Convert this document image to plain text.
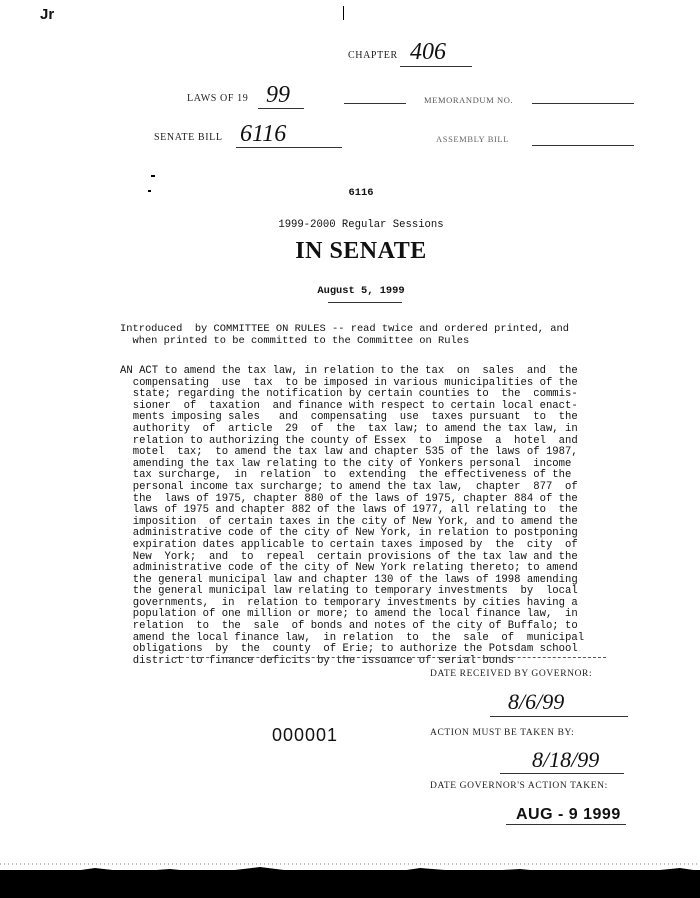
Jr
CHAPTER 406
LAWS OF 19 99	MEMORANDUM NO.
SENATE BILL 6116	ASSEMBLY BILL
6116
1999-2000 Regular Sessions
IN SENATE
August 5, 1999
Introduced  by COMMITTEE ON RULES -- read twice and ordered printed, and
when printed to be committed to the Committee on Rules
AN ACT to amend the tax law, in relation to the tax  on  sales  and  the
compensating  use  tax  to be imposed in various municipalities of the
state; regarding the notification by certain counties to  the  commis-
sioner  of  taxation  and finance with respect to certain local enact-
ments imposing sales   and  compensating  use  taxes pursuant  to  the
authority  of  article  29  of  the  tax law; to amend the tax law, in
relation to authorizing the county of Essex  to  impose  a  hotel  and
motel  tax;  to amend the tax law and chapter 535 of the laws of 1987,
amending the tax law relating to the city of Yonkers personal  income
tax surcharge,  in  relation  to  extending  the effectiveness of the
personal income tax surcharge; to amend the tax law,  chapter  877  of
the  laws of 1975, chapter 880 of the laws of 1975, chapter 884 of the
laws of 1975 and chapter 882 of the laws of 1977, all relating to  the
imposition  of certain taxes in the city of New York, and to amend the
administrative code of the city of New York, in relation to postponing
expiration dates applicable to certain taxes imposed by  the  city  of
New  York;  and  to  repeal  certain provisions of the tax law and the
administrative code of the city of New York relating thereto; to amend
the general municipal law and chapter 130 of the laws of 1998 amending
the general municipal law relating to temporary investments  by  local
governments,  in  relation to temporary investments by cities having a
population of one million or more; to amend the local finance law,  in
relation  to  the  sale  of bonds and notes of the city of Buffalo; to
amend the local finance law,  in relation  to  the  sale  of  municipal
obligations  by  the  county  of Erie; to authorize the Potsdam school
district to finance deficits by the issuance of serial bonds
DATE RECEIVED BY GOVERNOR:
8/6/99
000001	ACTION MUST BE TAKEN BY:
8/18/99
DATE GOVERNOR'S ACTION TAKEN:
AUG - 9 1999
